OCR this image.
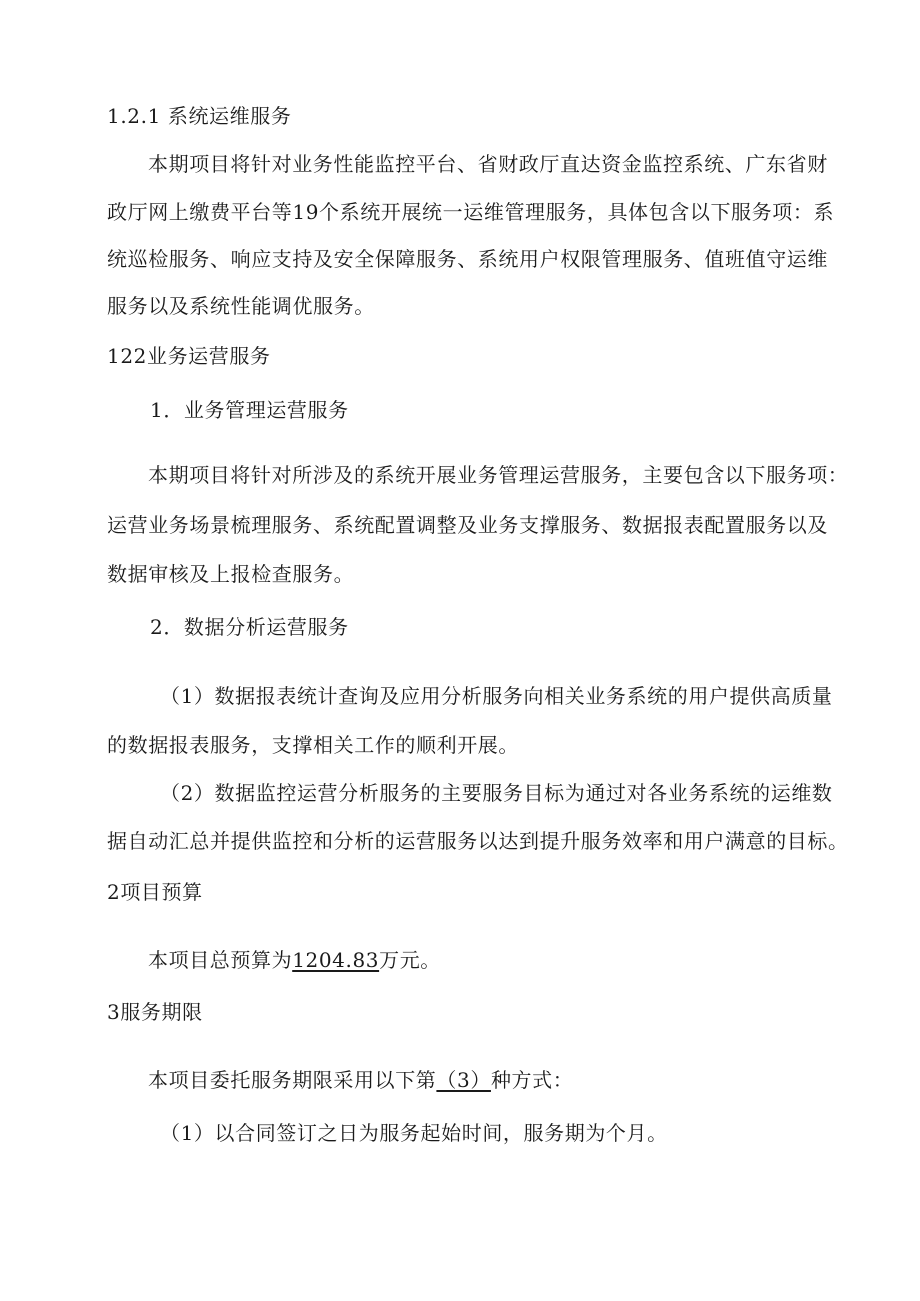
1.2.1 系统运维服务
本期项目将针对业务性能监控平台、省财政厅直达资金监控系统、广东省财
政厅网上缴费平台等19个系统开展统一运维管理服务，具体包含以下服务项：系
统巡检服务、响应支持及安全保障服务、系统用户权限管理服务、值班值守运维
服务以及系统性能调优服务。
122业务运营服务
1．业务管理运营服务
本期项目将针对所涉及的系统开展业务管理运营服务，主要包含以下服务项：
运营业务场景梳理服务、系统配置调整及业务支撑服务、数据报表配置服务以及
数据审核及上报检查服务。
2．数据分析运营服务
（1）数据报表统计查询及应用分析服务向相关业务系统的用户提供高质量
的数据报表服务，支撑相关工作的顺利开展。
（2）数据监控运营分析服务的主要服务目标为通过对各业务系统的运维数
据自动汇总并提供监控和分析的运营服务以达到提升服务效率和用户满意的目标。
2项目预算
本项目总预算为1204.83万元。
3服务期限
本项目委托服务期限采用以下第（3）种方式：
（1）以合同签订之日为服务起始时间，服务期为个月。
